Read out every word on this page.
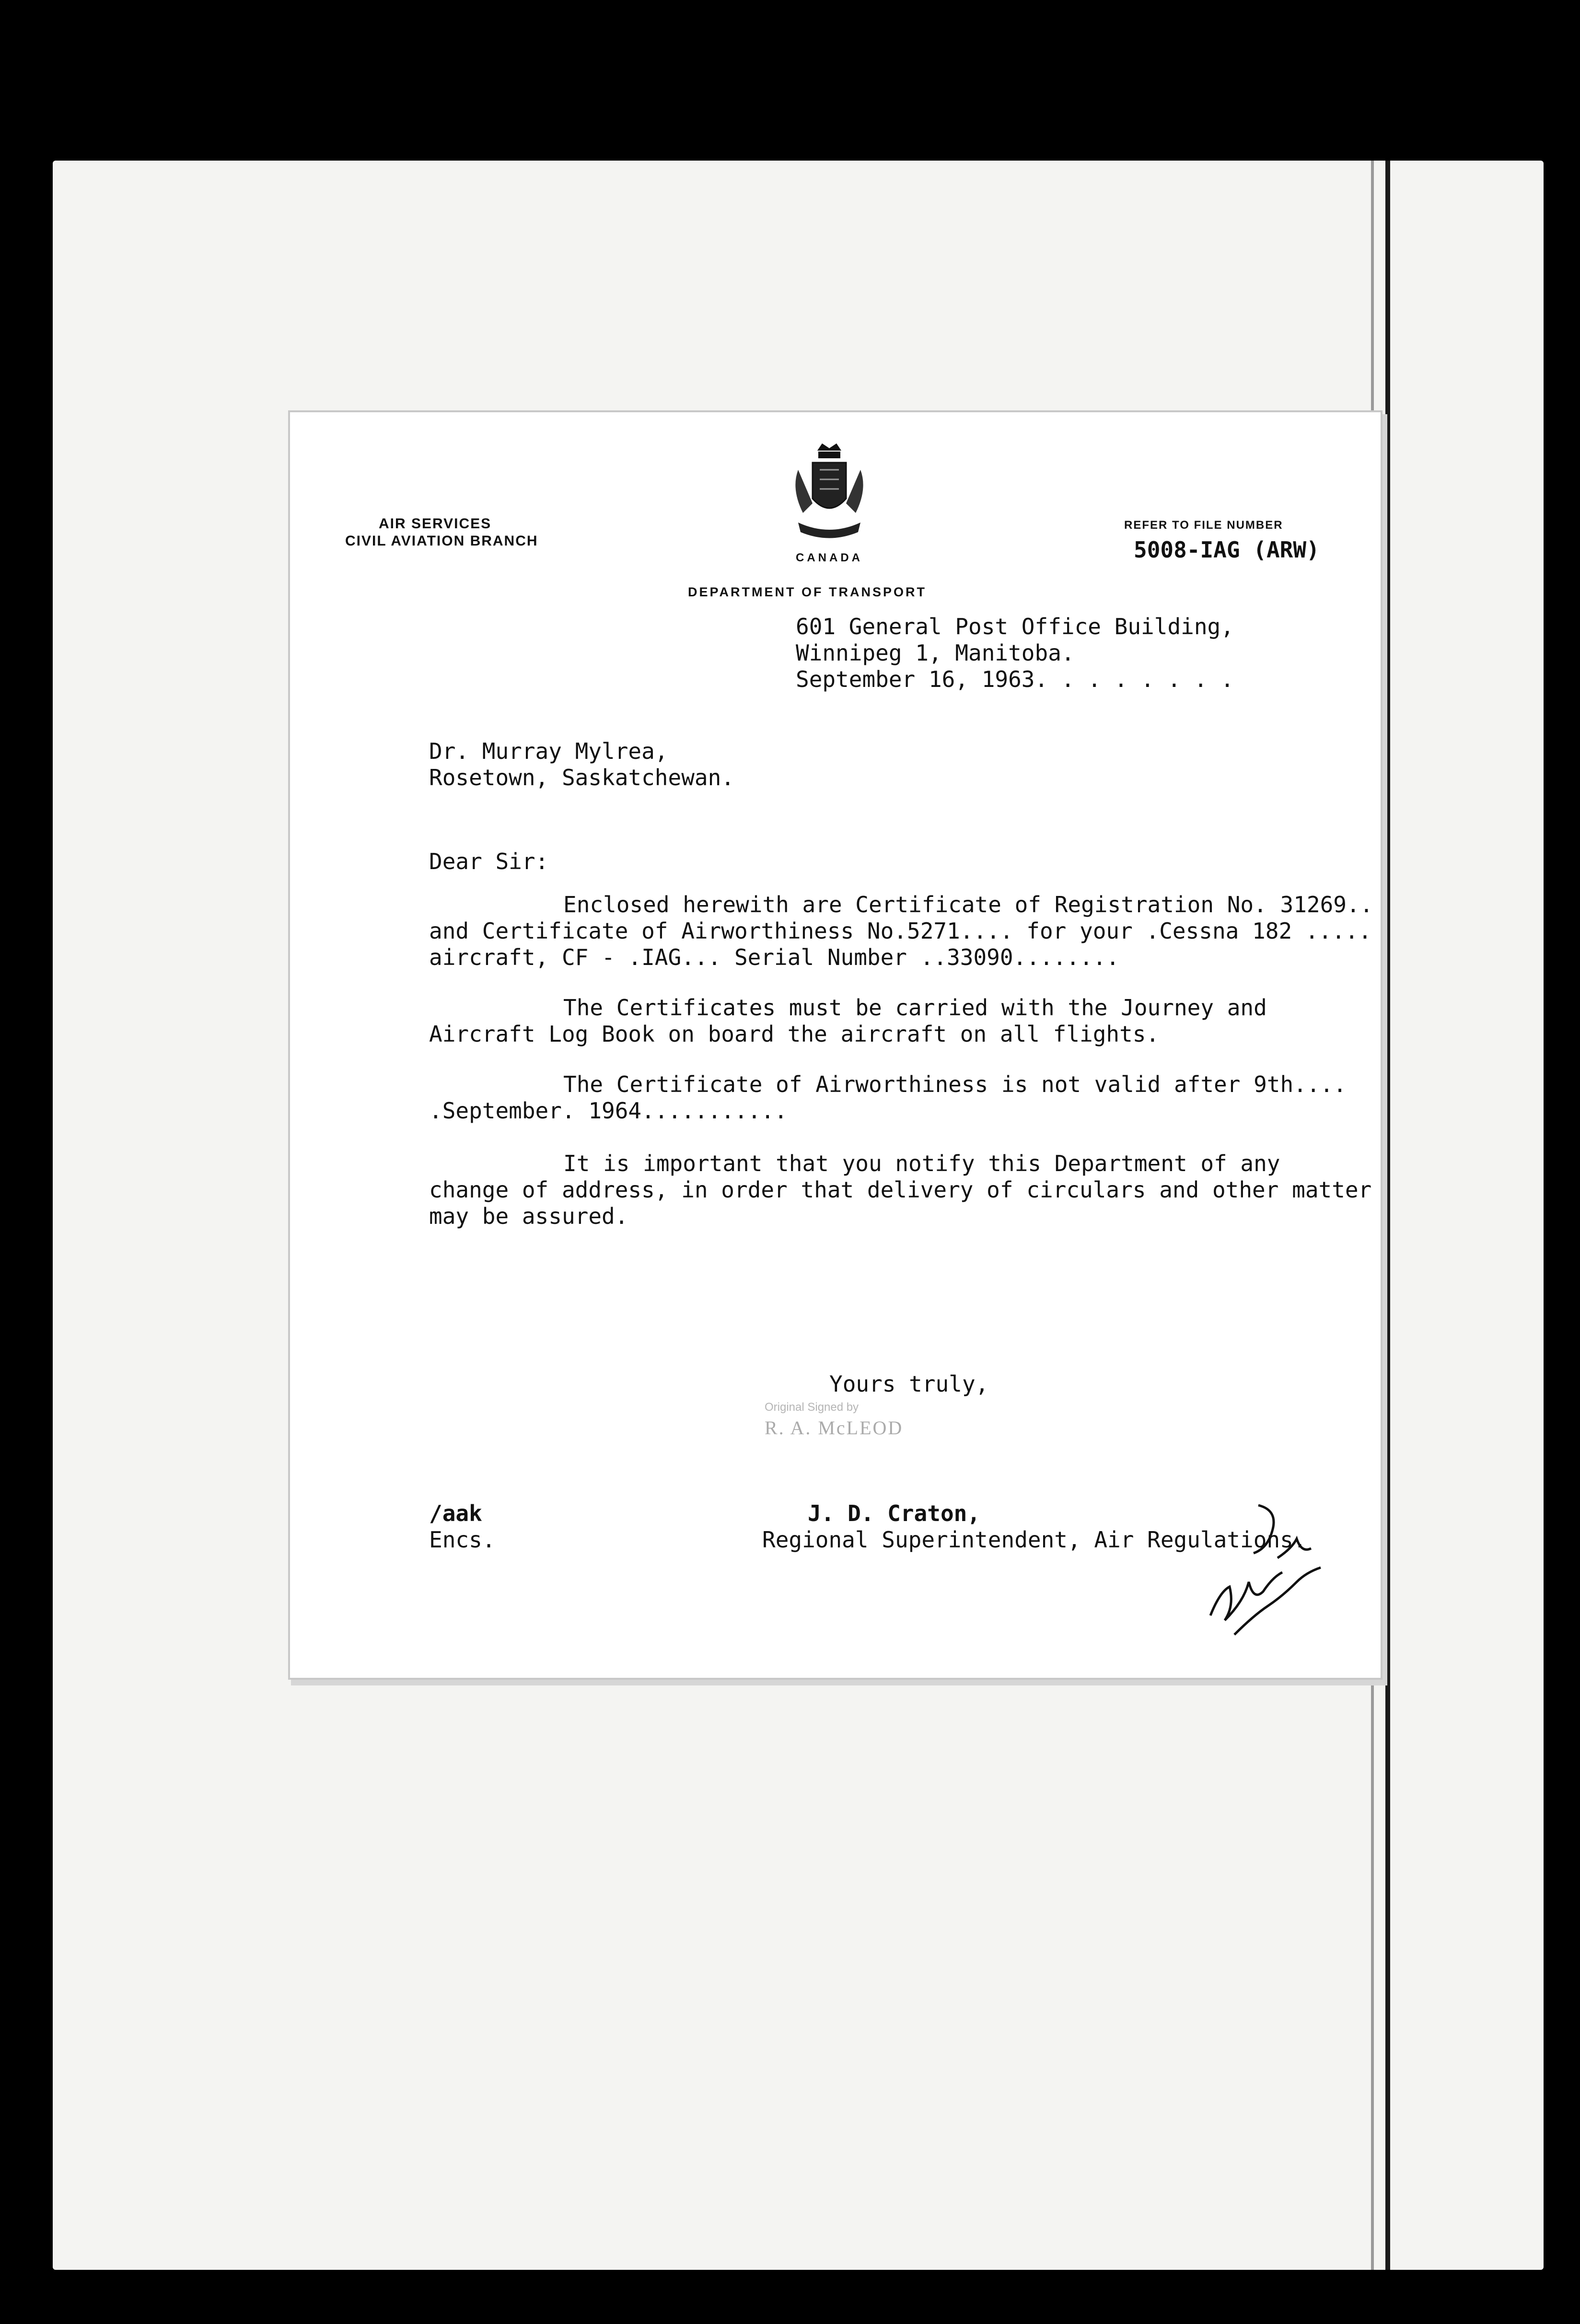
AIR SERVICES
CIVIL AVIATION BRANCH
CANADA
DEPARTMENT OF TRANSPORT
REFER TO FILE NUMBER
5008-IAG (ARW)
601 General Post Office Building,
Winnipeg 1, Manitoba.
September 16, 1963. . . . . . . .
Dr. Murray Mylrea,
Rosetown, Saskatchewan.
Dear Sir:
Enclosed herewith are Certificate of Registration No. 31269..
and Certificate of Airworthiness No.5271.... for your .Cessna 182 .....
aircraft, CF - .IAG... Serial Number ..33090........
The Certificates must be carried with the Journey and
Aircraft Log Book on board the aircraft on all flights.
The Certificate of Airworthiness is not valid after 9th....
.September. 1964...........
It is important that you notify this Department of any
change of address, in order that delivery of circulars and other matter
may be assured.
Yours truly,
Original Signed by
R. A. McLEOD
J. D. Craton,
Regional Superintendent, Air Regulations.
/aak
Encs.
